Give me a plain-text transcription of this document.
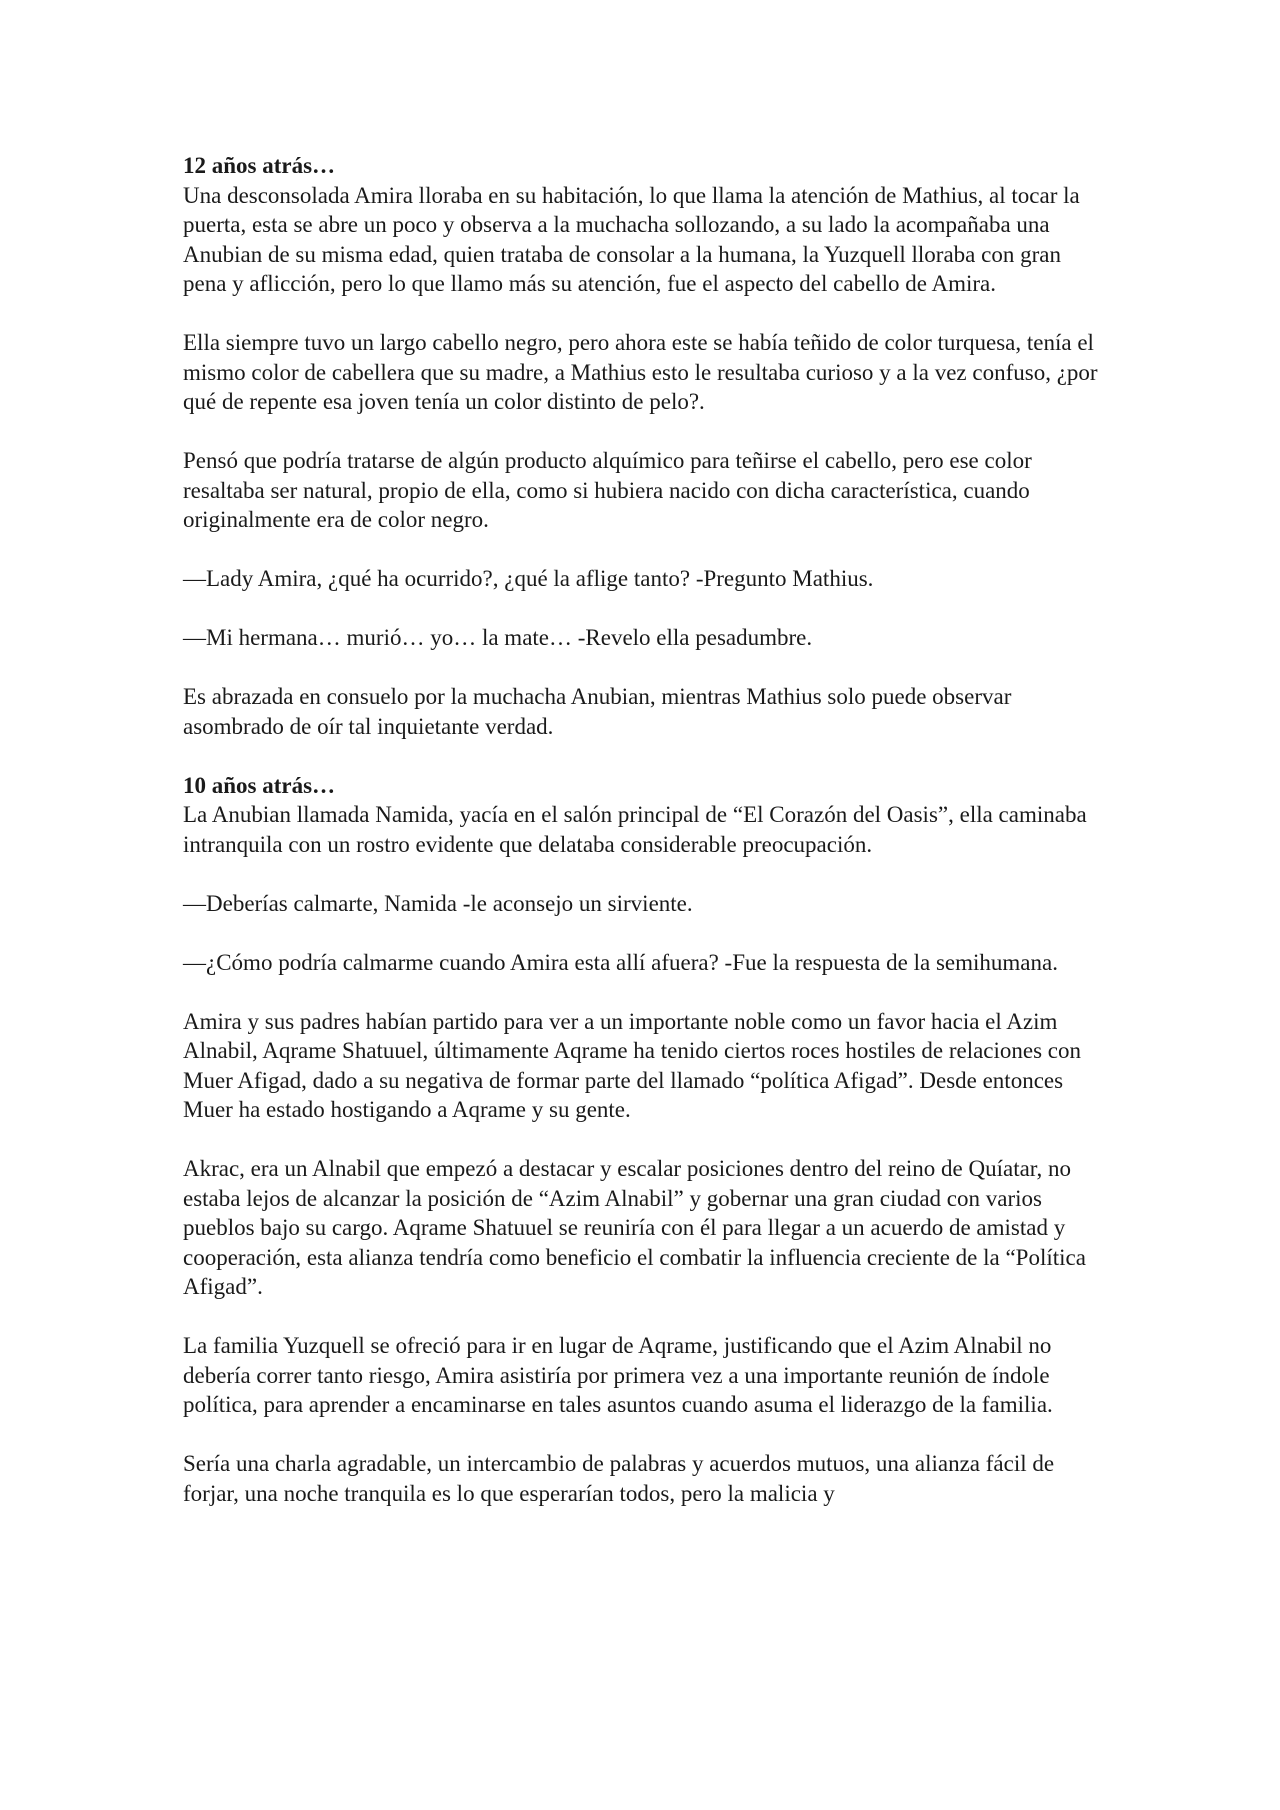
12 años atrás…

Una desconsolada Amira lloraba en su habitación, lo que llama la atención de Mathius, al tocar la puerta, esta se abre un poco y observa a la muchacha sollozando, a su lado la acompañaba una Anubian de su misma edad, quien trataba de consolar a la humana, la Yuzquell lloraba con gran pena y aflicción, pero lo que llamo más su atención, fue el aspecto del cabello de Amira.

Ella siempre tuvo un largo cabello negro, pero ahora este se había teñido de color turquesa, tenía el mismo color de cabellera que su madre, a Mathius esto le resultaba curioso y a la vez confuso, ¿por qué de repente esa joven tenía un color distinto de pelo?.

Pensó que podría tratarse de algún producto alquímico para teñirse el cabello, pero ese color resaltaba ser natural, propio de ella, como si hubiera nacido con dicha característica, cuando originalmente era de color negro.

—Lady Amira, ¿qué ha ocurrido?, ¿qué la aflige tanto? -Pregunto Mathius.

—Mi hermana… murió… yo… la mate… -Revelo ella pesadumbre.

Es abrazada en consuelo por la muchacha Anubian, mientras Mathius solo puede observar asombrado de oír tal inquietante verdad.

10 años atrás…

La Anubian llamada Namida, yacía en el salón principal de “El Corazón del Oasis”, ella caminaba intranquila con un rostro evidente que delataba considerable preocupación.

—Deberías calmarte, Namida -le aconsejo un sirviente.

—¿Cómo podría calmarme cuando Amira esta allí afuera? -Fue la respuesta de la semihumana.

Amira y sus padres habían partido para ver a un importante noble como un favor hacia el Azim Alnabil, Aqrame Shatuuel, últimamente Aqrame ha tenido ciertos roces hostiles de relaciones con Muer Afigad, dado a su negativa de formar parte del llamado “política Afigad”. Desde entonces Muer ha estado hostigando a Aqrame y su gente.

Akrac, era un Alnabil que empezó a destacar y escalar posiciones dentro del reino de Quíatar, no estaba lejos de alcanzar la posición de “Azim Alnabil” y gobernar una gran ciudad con varios pueblos bajo su cargo. Aqrame Shatuuel se reuniría con él para llegar a un acuerdo de amistad y cooperación, esta alianza tendría como beneficio el combatir la influencia creciente de la “Política Afigad”.

La familia Yuzquell se ofreció para ir en lugar de Aqrame, justificando que el Azim Alnabil no debería correr tanto riesgo, Amira asistiría por primera vez a una importante reunión de índole política, para aprender a encaminarse en tales asuntos cuando asuma el liderazgo de la familia.

Sería una charla agradable, un intercambio de palabras y acuerdos mutuos, una alianza fácil de forjar, una noche tranquila es lo que esperarían todos, pero la malicia y
